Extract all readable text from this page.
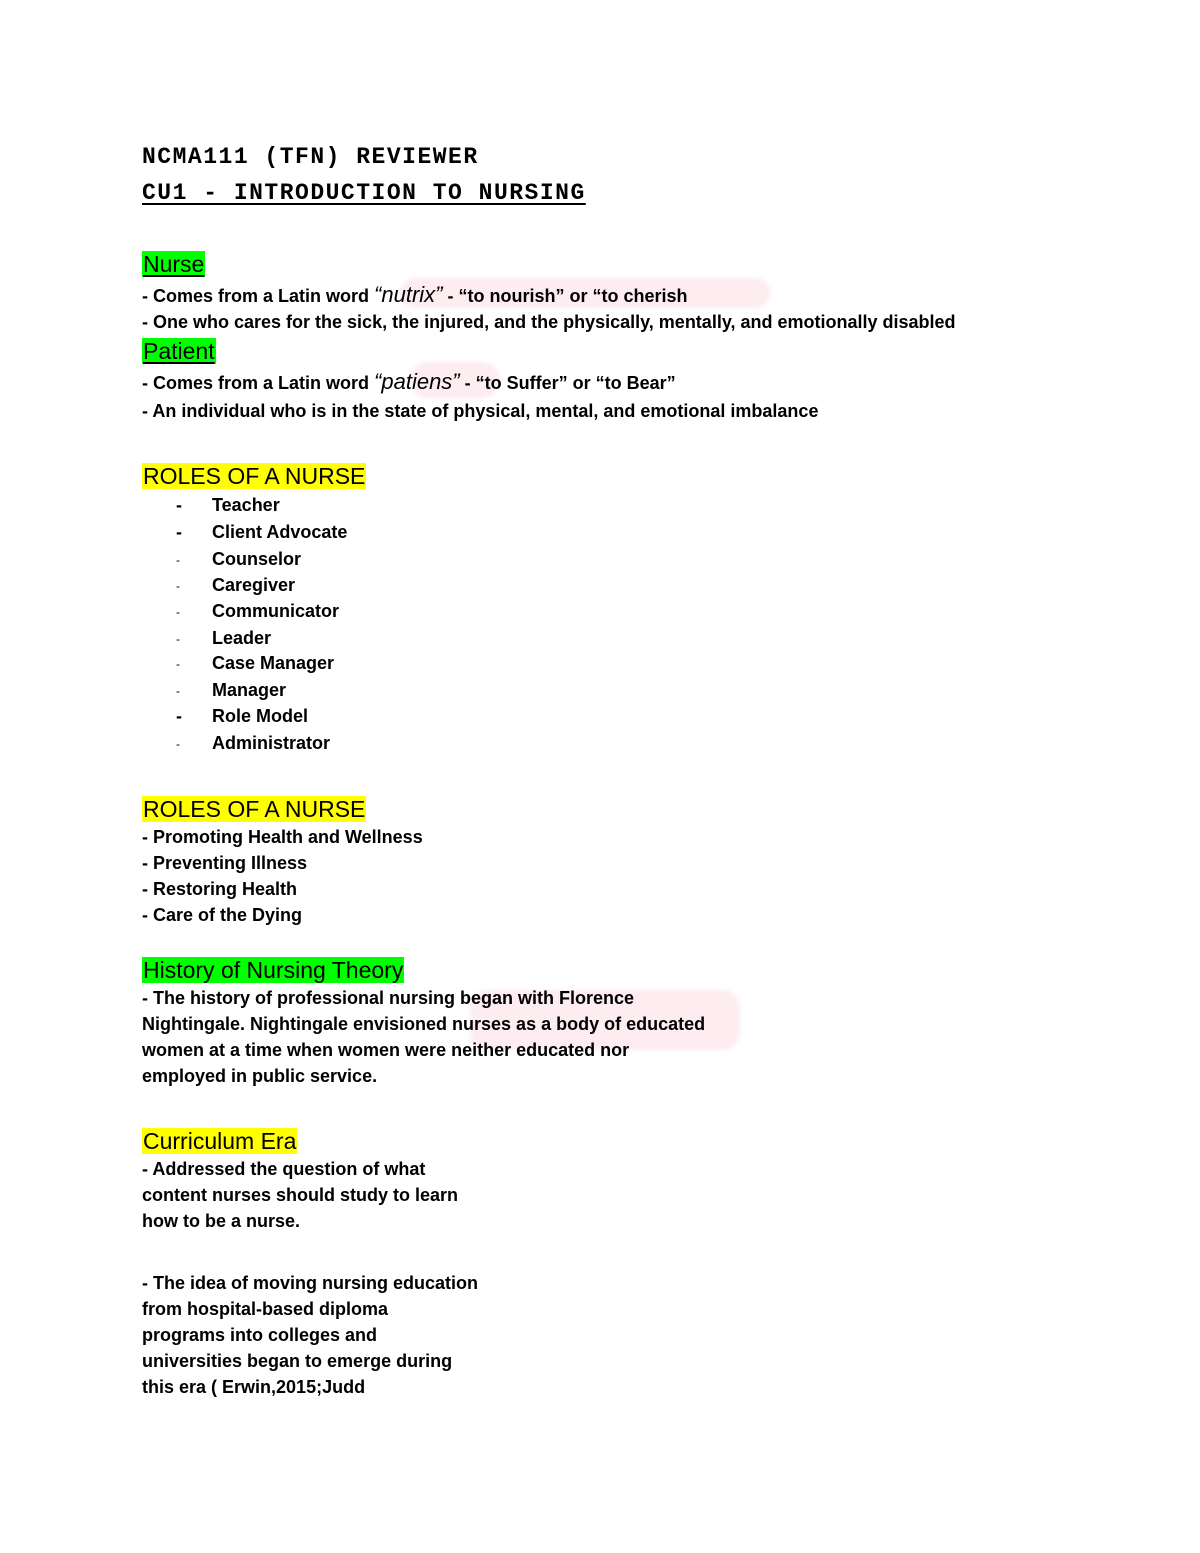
NCMA111 (TFN) REVIEWER
CU1 - INTRODUCTION TO NURSING
Nurse
- Comes from a Latin word “nutrix” - “to nourish” or “to cherish
- One who cares for the sick, the injured, and the physically, mentally, and emotionally disabled
Patient
- Comes from a Latin word “patiens” - “to Suffer” or “to Bear”
- An individual who is in the state of physical, mental, and emotional imbalance
ROLES OF A NURSE
-	Teacher
-	Client Advocate
-	Counselor
-	Caregiver
-	Communicator
-	Leader
-	Case Manager
-	Manager
-	Role Model
-	Administrator
ROLES OF A NURSE
- Promoting Health and Wellness
- Preventing Illness
- Restoring Health
- Care of the Dying
History of Nursing Theory
- The history of professional nursing began with Florence
Nightingale. Nightingale envisioned nurses as a body of educated
women at a time when women were neither educated nor
employed in public service.
Curriculum Era
- Addressed the question of what
content nurses should study to learn
how to be a nurse.
- The idea of moving nursing education
from hospital-based diploma
programs into colleges and
universities began to emerge during
this era ( Erwin,2015;Judd
